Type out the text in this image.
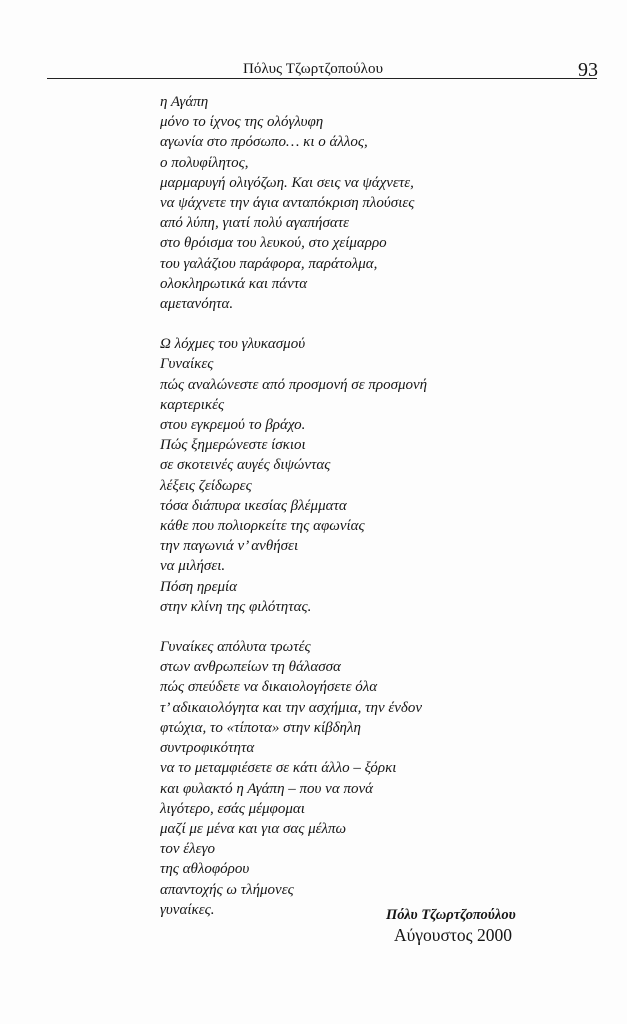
Πόλυς Τζωρτζοπούλου	93
η Αγάπη
μόνο το ίχνος της ολόγλυφη
αγωνία στο πρόσωπο… κι ο άλλος,
ο πολυφίλητος,
μαρμαρυγή ολιγόζωη. Και σεις να ψάχνετε,
να ψάχνετε την άγια ανταπόκριση πλούσιες
από λύπη, γιατί πολύ αγαπήσατε
στο θρόισμα του λευκού, στο χείμαρρο
του γαλάζιου παράφορα, παράτολμα,
ολοκληρωτικά και πάντα
αμετανόητα.
Ω λόχμες του γλυκασμού
Γυναίκες
πώς αναλώνεστε από προσμονή σε προσμονή
καρτερικές
στου εγκρεμού το βράχο.
Πώς ξημερώνεστε ίσκιοι
σε σκοτεινές αυγές διψώντας
λέξεις ζείδωρες
τόσα διάπυρα ικεσίας βλέμματα
κάθε που πολιορκείτε της αφωνίας
την παγωνιά ν’ ανθήσει
να μιλήσει.
Πόση ηρεμία
στην κλίνη της φιλότητας.
Γυναίκες απόλυτα τρωτές
στων ανθρωπείων τη θάλασσα
πώς σπεύδετε να δικαιολογήσετε όλα
τ’ αδικαιολόγητα και την ασχήμια, την ένδον
φτώχια, το «τίποτα» στην κίβδηλη
συντροφικότητα
να το μεταμφιέσετε σε κάτι άλλο – ξόρκι
και φυλακτό η Αγάπη – που να πονά
λιγότερο, εσάς μέμφομαι
μαζί με μένα και για σας μέλπω
τον έλεγο
της αθλοφόρου
απαντοχής ω τλήμονες
γυναίκες.	Πόλυ Τζωρτζοπούλου
Αύγουστος 2000
